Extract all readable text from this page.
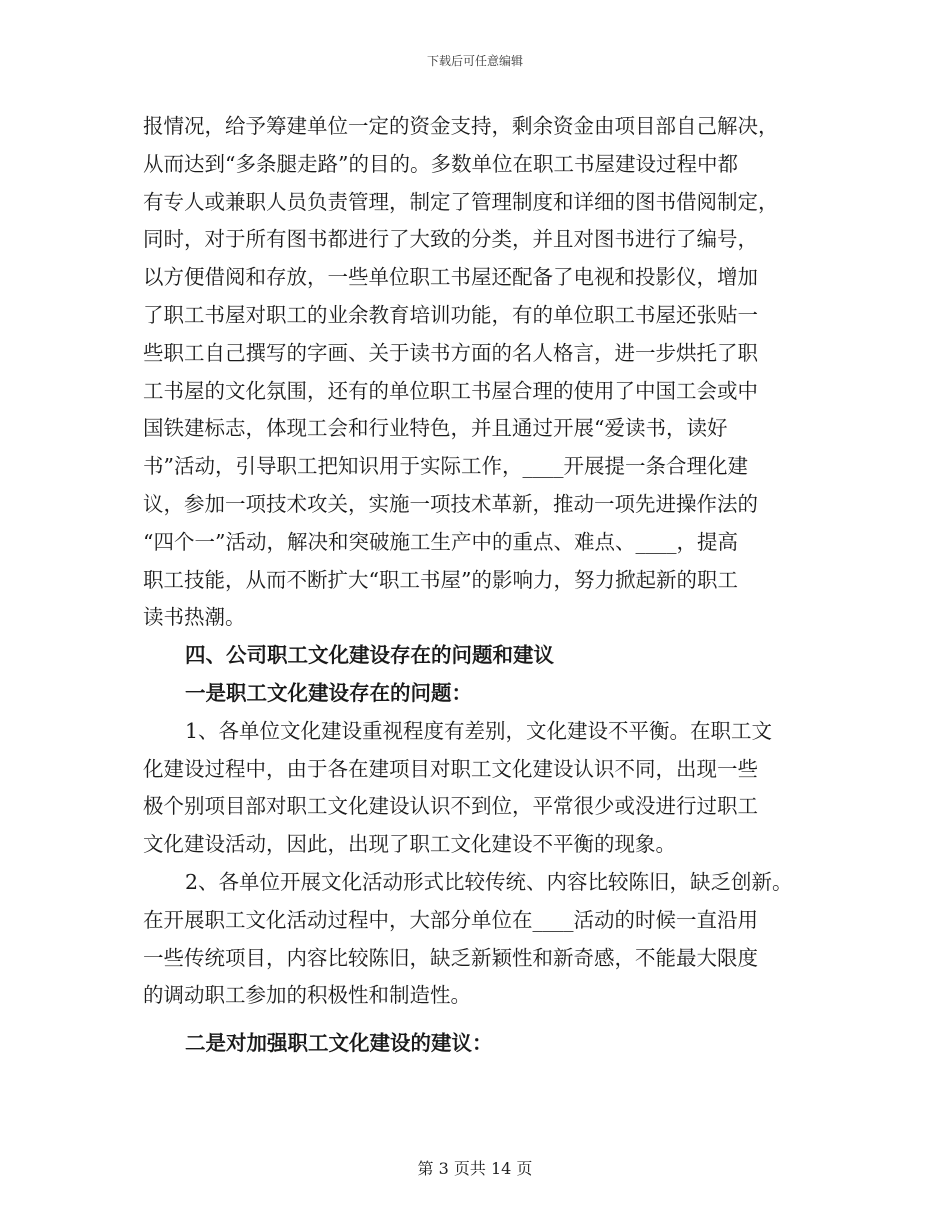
下载后可任意编辑
报情况，给予筹建单位一定的资金支持，剩余资金由项目部自己解决，
从而达到“多条腿走路”的目的。多数单位在职工书屋建设过程中都
有专人或兼职人员负责管理，制定了管理制度和详细的图书借阅制定，
同时，对于所有图书都进行了大致的分类，并且对图书进行了编号，
以方便借阅和存放，一些单位职工书屋还配备了电视和投影仪，增加
了职工书屋对职工的业余教育培训功能，有的单位职工书屋还张贴一
些职工自己撰写的字画、关于读书方面的名人格言，进一步烘托了职
工书屋的文化氛围，还有的单位职工书屋合理的使用了中国工会或中
国铁建标志，体现工会和行业特色，并且通过开展“爱读书，读好
书”活动，引导职工把知识用于实际工作，____开展提一条合理化建
议，参加一项技术攻关，实施一项技术革新，推动一项先进操作法的
“四个一”活动，解决和突破施工生产中的重点、难点、____，提高
职工技能，从而不断扩大“职工书屋”的影响力，努力掀起新的职工
读书热潮。
四、公司职工文化建设存在的问题和建议
一是职工文化建设存在的问题：
1、各单位文化建设重视程度有差别，文化建设不平衡。在职工文
化建设过程中，由于各在建项目对职工文化建设认识不同，出现一些
极个别项目部对职工文化建设认识不到位，平常很少或没进行过职工
文化建设活动，因此，出现了职工文化建设不平衡的现象。
2、各单位开展文化活动形式比较传统、内容比较陈旧，缺乏创新。
在开展职工文化活动过程中，大部分单位在____活动的时候一直沿用
一些传统项目，内容比较陈旧，缺乏新颖性和新奇感，不能最大限度
的调动职工参加的积极性和制造性。
二是对加强职工文化建设的建议：
第 3 页共 14 页
